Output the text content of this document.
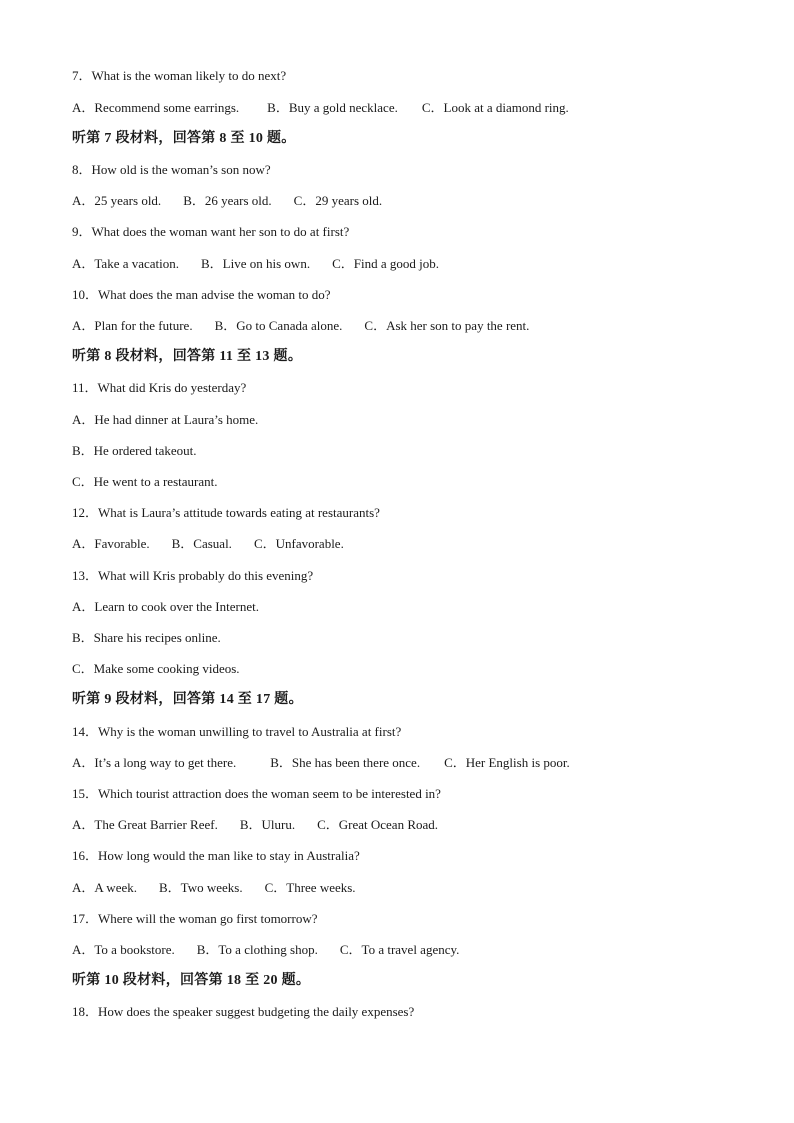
7．What is the woman likely to do next?
A．Recommend some earrings. B．Buy a gold necklace. C．Look at a diamond ring.
听第 7 段材料，回答第 8 至 10 题。
8．How old is the woman’s son now?
A．25 years old. B．26 years old. C．29 years old.
9．What does the woman want her son to do at first?
A．Take a vacation. B．Live on his own. C．Find a good job.
10．What does the man advise the woman to do?
A．Plan for the future. B．Go to Canada alone. C．Ask her son to pay the rent.
听第 8 段材料，回答第 11 至 13 题。
11．What did Kris do yesterday?
A．He had dinner at Laura’s home.
B．He ordered takeout.
C．He went to a restaurant.
12．What is Laura’s attitude towards eating at restaurants?
A．Favorable. B．Casual. C．Unfavorable.
13．What will Kris probably do this evening?
A．Learn to cook over the Internet.
B．Share his recipes online.
C．Make some cooking videos.
听第 9 段材料，回答第 14 至 17 题。
14．Why is the woman unwilling to travel to Australia at first?
A．It’s a long way to get there.	B．She has been there once. C．Her English is poor.
15．Which tourist attraction does the woman seem to be interested in?
A．The Great Barrier Reef. B．Uluru. C．Great Ocean Road.
16．How long would the man like to stay in Australia?
A．A week. B．Two weeks. C．Three weeks.
17．Where will the woman go first tomorrow?
A．To a bookstore. B．To a clothing shop. C．To a travel agency.
听第 10 段材料，回答第 18 至 20 题。
18．How does the speaker suggest budgeting the daily expenses?
